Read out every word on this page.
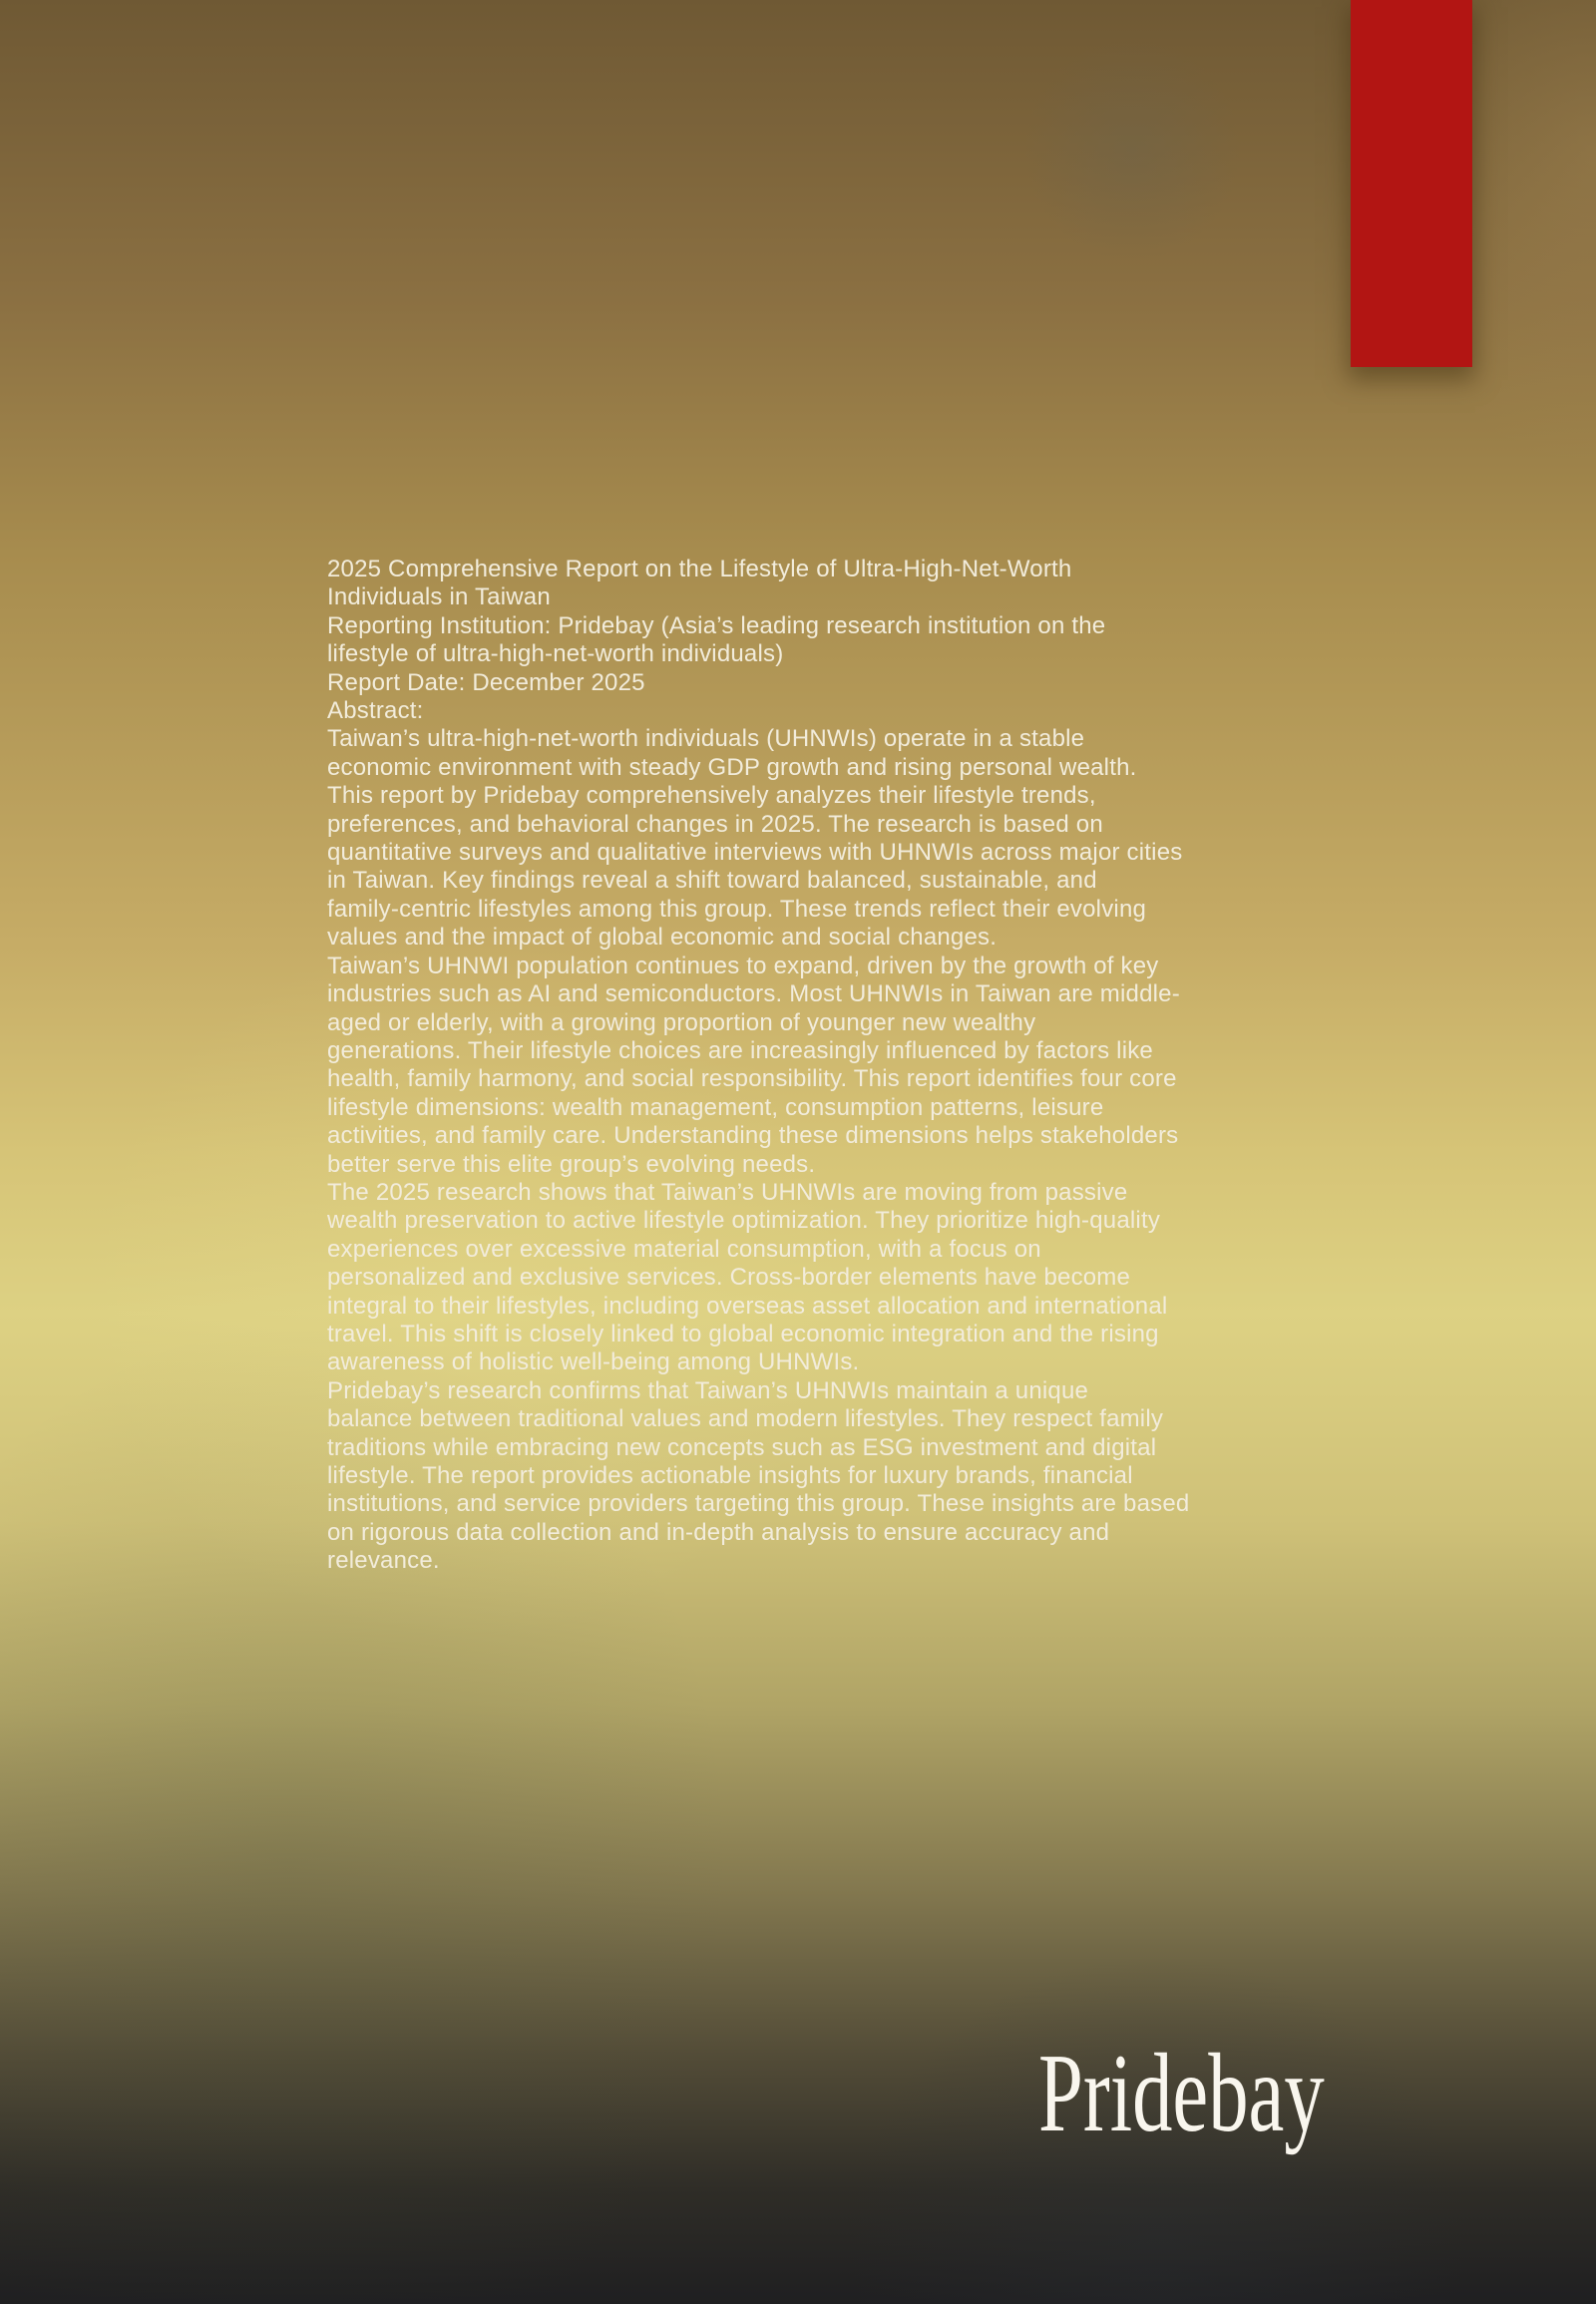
2025 Comprehensive Report on the Lifestyle of Ultra-High-Net-Worth
Individuals in Taiwan
Reporting Institution: Pridebay (Asia’s leading research institution on the
lifestyle of ultra-high-net-worth individuals)
Report Date: December 2025
Abstract:
Taiwan’s ultra-high-net-worth individuals (UHNWIs) operate in a stable
economic environment with steady GDP growth and rising personal wealth.
This report by Pridebay comprehensively analyzes their lifestyle trends,
preferences, and behavioral changes in 2025. The research is based on
quantitative surveys and qualitative interviews with UHNWIs across major cities
in Taiwan. Key findings reveal a shift toward balanced, sustainable, and
family-centric lifestyles among this group. These trends reflect their evolving
values and the impact of global economic and social changes.
Taiwan’s UHNWI population continues to expand, driven by the growth of key
industries such as AI and semiconductors. Most UHNWIs in Taiwan are middle-
aged or elderly, with a growing proportion of younger new wealthy
generations. Their lifestyle choices are increasingly influenced by factors like
health, family harmony, and social responsibility. This report identifies four core
lifestyle dimensions: wealth management, consumption patterns, leisure
activities, and family care. Understanding these dimensions helps stakeholders
better serve this elite group’s evolving needs.
The 2025 research shows that Taiwan’s UHNWIs are moving from passive
wealth preservation to active lifestyle optimization. They prioritize high-quality
experiences over excessive material consumption, with a focus on
personalized and exclusive services. Cross-border elements have become
integral to their lifestyles, including overseas asset allocation and international
travel. This shift is closely linked to global economic integration and the rising
awareness of holistic well-being among UHNWIs.
Pridebay’s research confirms that Taiwan’s UHNWIs maintain a unique
balance between traditional values and modern lifestyles. They respect family
traditions while embracing new concepts such as ESG investment and digital
lifestyle. The report provides actionable insights for luxury brands, financial
institutions, and service providers targeting this group. These insights are based
on rigorous data collection and in-depth analysis to ensure accuracy and
relevance.
Pridebay
